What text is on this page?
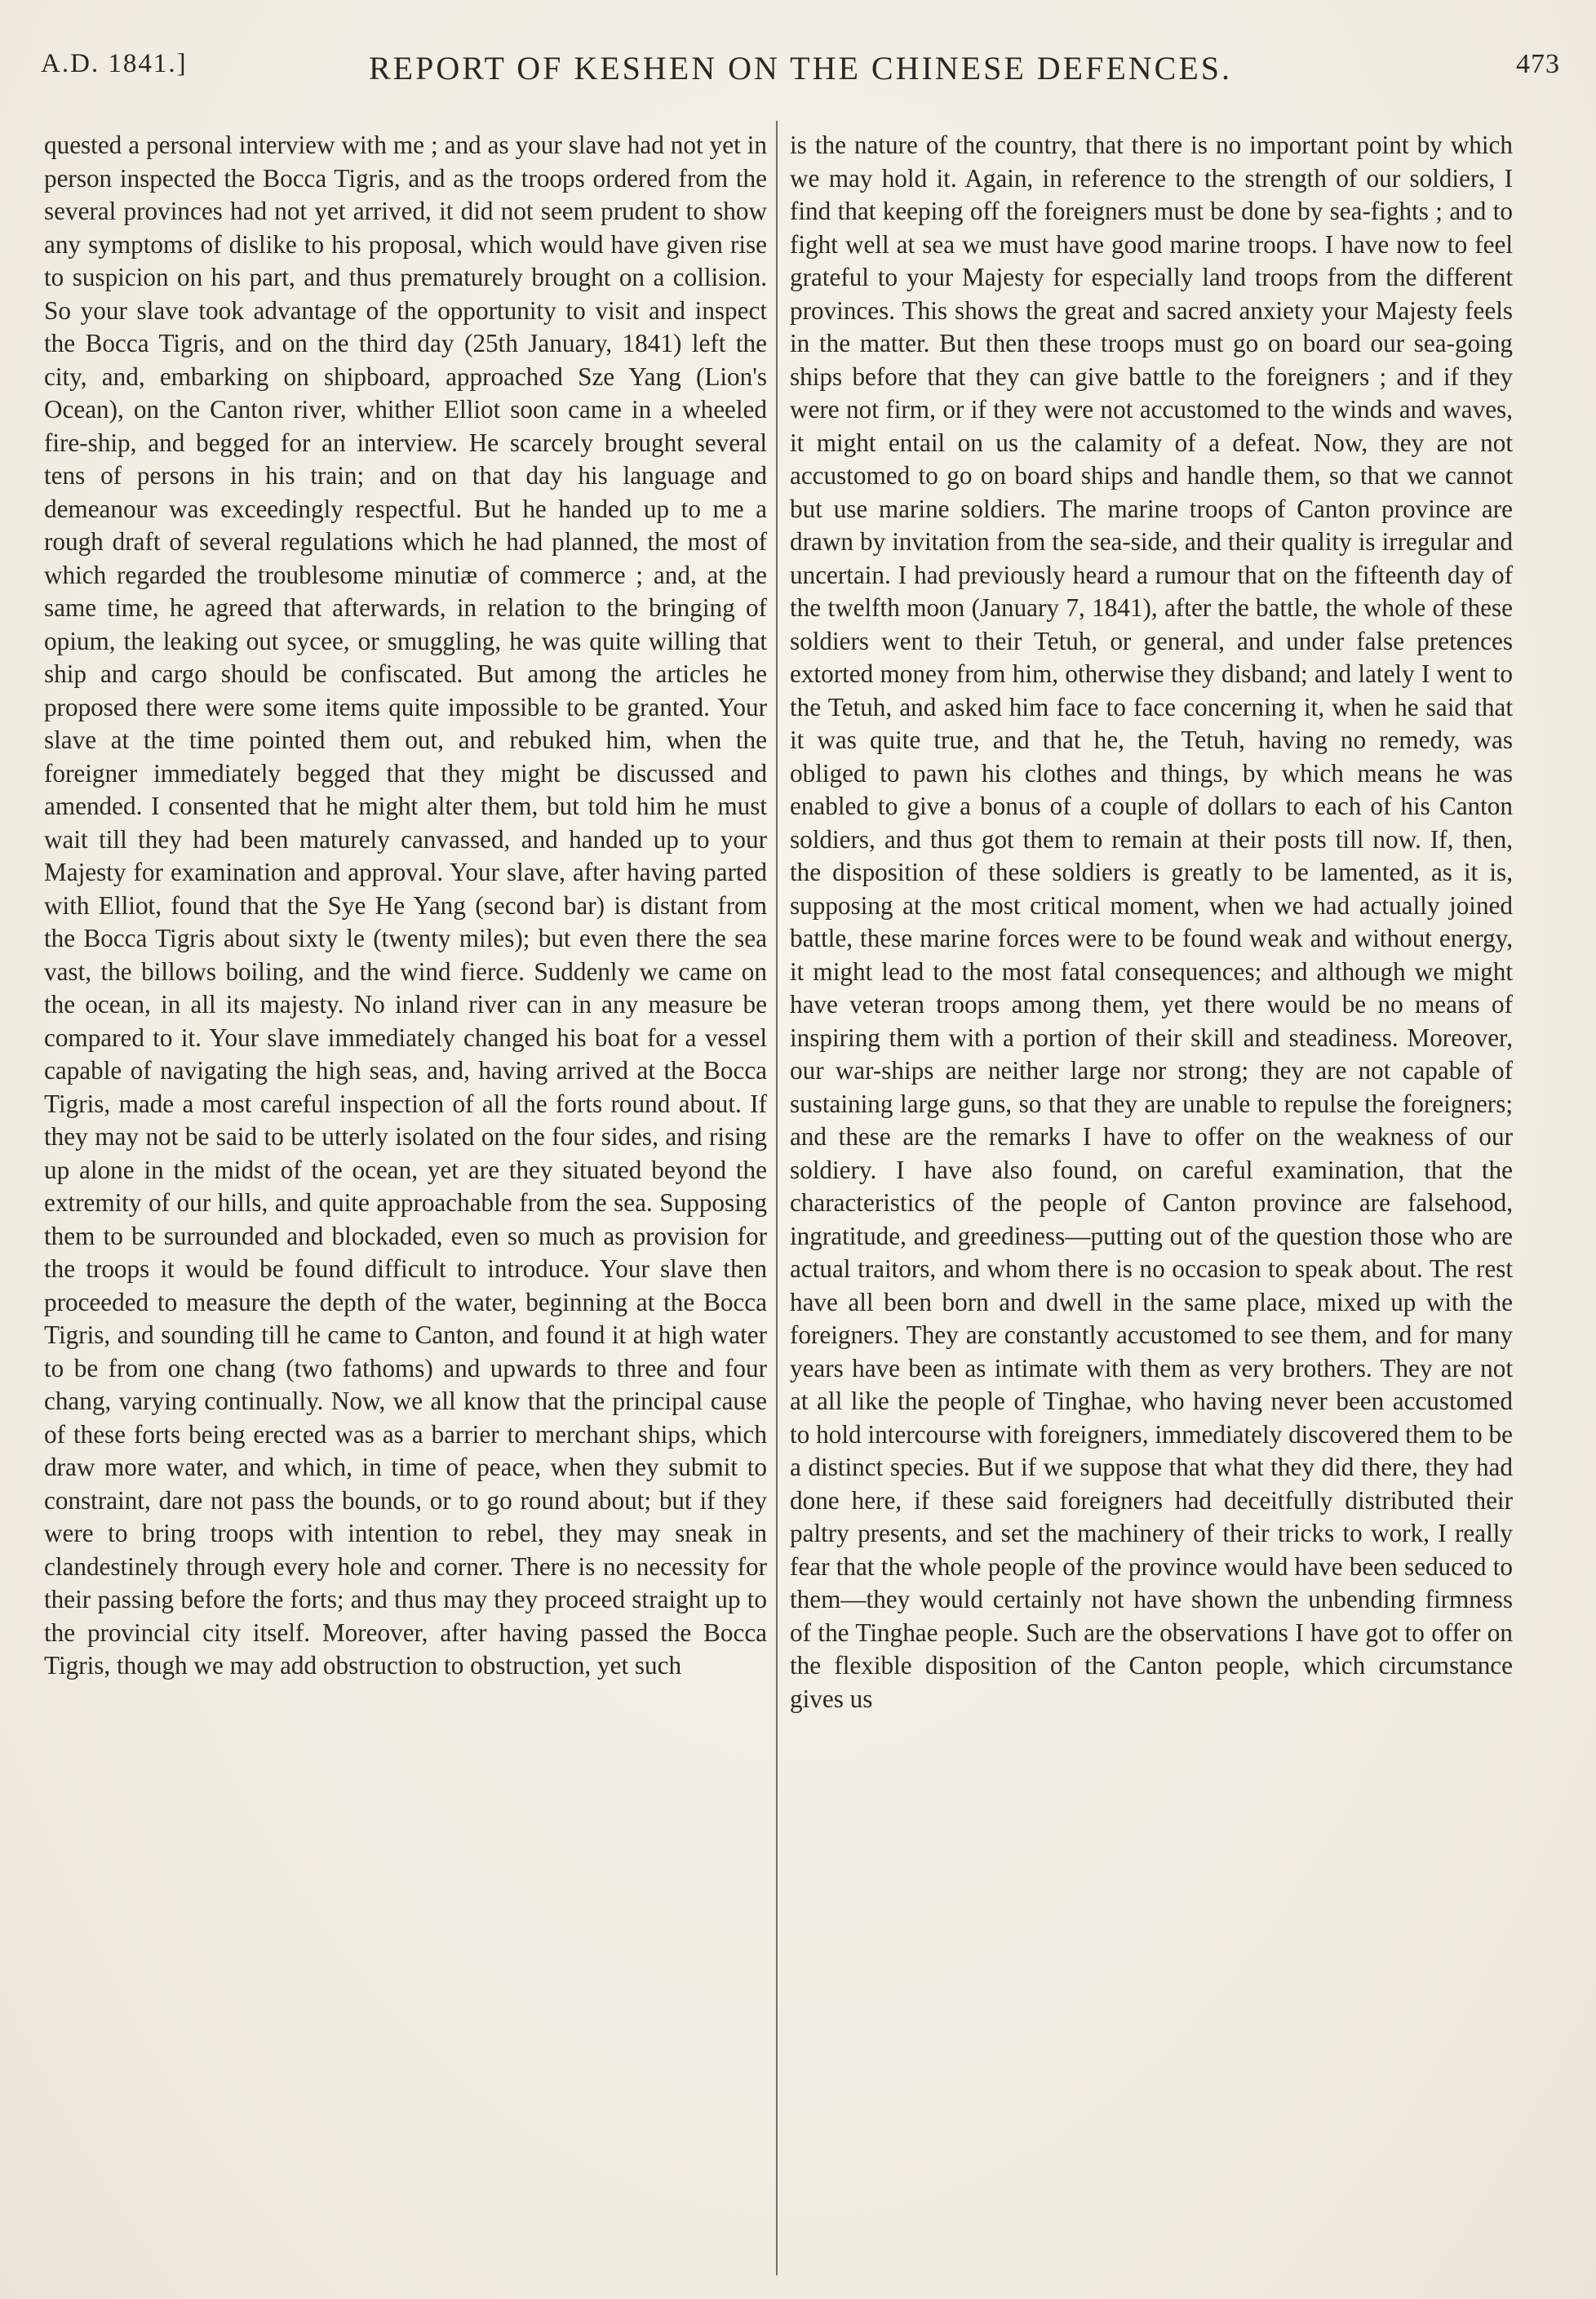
A.D. 1841.]	REPORT OF KESHEN ON THE CHINESE DEFENCES.	473

quested a personal interview with me ; and as your slave had not yet in person inspected the Bocca Tigris, and as the troops ordered from the several provinces had not yet arrived, it did not seem prudent to show any symptoms of dislike to his proposal, which would have given rise to suspicion on his part, and thus prematurely brought on a collision. So your slave took advantage of the opportunity to visit and inspect the Bocca Tigris, and on the third day (25th January, 1841) left the city, and, embarking on shipboard, approached Sze Yang (Lion's Ocean), on the Canton river, whither Elliot soon came in a wheeled fire-ship, and begged for an interview. He scarcely brought several tens of persons in his train; and on that day his language and demeanour was exceedingly respectful. But he handed up to me a rough draft of several regulations which he had planned, the most of which regarded the troublesome minutiæ of commerce ; and, at the same time, he agreed that afterwards, in relation to the bringing of opium, the leaking out sycee, or smuggling, he was quite willing that ship and cargo should be confiscated. But among the articles he proposed there were some items quite impossible to be granted. Your slave at the time pointed them out, and rebuked him, when the foreigner immediately begged that they might be discussed and amended. I consented that he might alter them, but told him he must wait till they had been maturely canvassed, and handed up to your Majesty for examination and approval. Your slave, after having parted with Elliot, found that the Sye He Yang (second bar) is distant from the Bocca Tigris about sixty le (twenty miles); but even there the sea vast, the billows boiling, and the wind fierce. Suddenly we came on the ocean, in all its majesty. No inland river can in any measure be compared to it. Your slave immediately changed his boat for a vessel capable of navigating the high seas, and, having arrived at the Bocca Tigris, made a most careful inspection of all the forts round about. If they may not be said to be utterly isolated on the four sides, and rising up alone in the midst of the ocean, yet are they situated beyond the extremity of our hills, and quite approachable from the sea. Supposing them to be surrounded and blockaded, even so much as provision for the troops it would be found difficult to introduce. Your slave then proceeded to measure the depth of the water, beginning at the Bocca Tigris, and sounding till he came to Canton, and found it at high water to be from one chang (two fathoms) and upwards to three and four chang, varying continually. Now, we all know that the principal cause of these forts being erected was as a barrier to merchant ships, which draw more water, and which, in time of peace, when they submit to constraint, dare not pass the bounds, or to go round about; but if they were to bring troops with intention to rebel, they may sneak in clandestinely through every hole and corner. There is no necessity for their passing before the forts; and thus may they proceed straight up to the provincial city itself. Moreover, after having passed the Bocca Tigris, though we may add obstruction to obstruction, yet such

is the nature of the country, that there is no important point by which we may hold it. Again, in reference to the strength of our soldiers, I find that keeping off the foreigners must be done by sea-fights ; and to fight well at sea we must have good marine troops. I have now to feel grateful to your Majesty for especially land troops from the different provinces. This shows the great and sacred anxiety your Majesty feels in the matter. But then these troops must go on board our sea-going ships before that they can give battle to the foreigners ; and if they were not firm, or if they were not accustomed to the winds and waves, it might entail on us the calamity of a defeat. Now, they are not accustomed to go on board ships and handle them, so that we cannot but use marine soldiers. The marine troops of Canton province are drawn by invitation from the sea-side, and their quality is irregular and uncertain. I had previously heard a rumour that on the fifteenth day of the twelfth moon (January 7, 1841), after the battle, the whole of these soldiers went to their Tetuh, or general, and under false pretences extorted money from him, otherwise they disband; and lately I went to the Tetuh, and asked him face to face concerning it, when he said that it was quite true, and that he, the Tetuh, having no remedy, was obliged to pawn his clothes and things, by which means he was enabled to give a bonus of a couple of dollars to each of his Canton soldiers, and thus got them to remain at their posts till now. If, then, the disposition of these soldiers is greatly to be lamented, as it is, supposing at the most critical moment, when we had actually joined battle, these marine forces were to be found weak and without energy, it might lead to the most fatal consequences; and although we might have veteran troops among them, yet there would be no means of inspiring them with a portion of their skill and steadiness. Moreover, our war-ships are neither large nor strong; they are not capable of sustaining large guns, so that they are unable to repulse the foreigners; and these are the remarks I have to offer on the weakness of our soldiery. I have also found, on careful examination, that the characteristics of the people of Canton province are falsehood, ingratitude, and greediness—putting out of the question those who are actual traitors, and whom there is no occasion to speak about. The rest have all been born and dwell in the same place, mixed up with the foreigners. They are constantly accustomed to see them, and for many years have been as intimate with them as very brothers. They are not at all like the people of Tinghae, who having never been accustomed to hold intercourse with foreigners, immediately discovered them to be a distinct species. But if we suppose that what they did there, they had done here, if these said foreigners had deceitfully distributed their paltry presents, and set the machinery of their tricks to work, I really fear that the whole people of the province would have been seduced to them—they would certainly not have shown the unbending firmness of the Tinghae people. Such are the observations I have got to offer on the flexible disposition of the Canton people, which circumstance gives us
